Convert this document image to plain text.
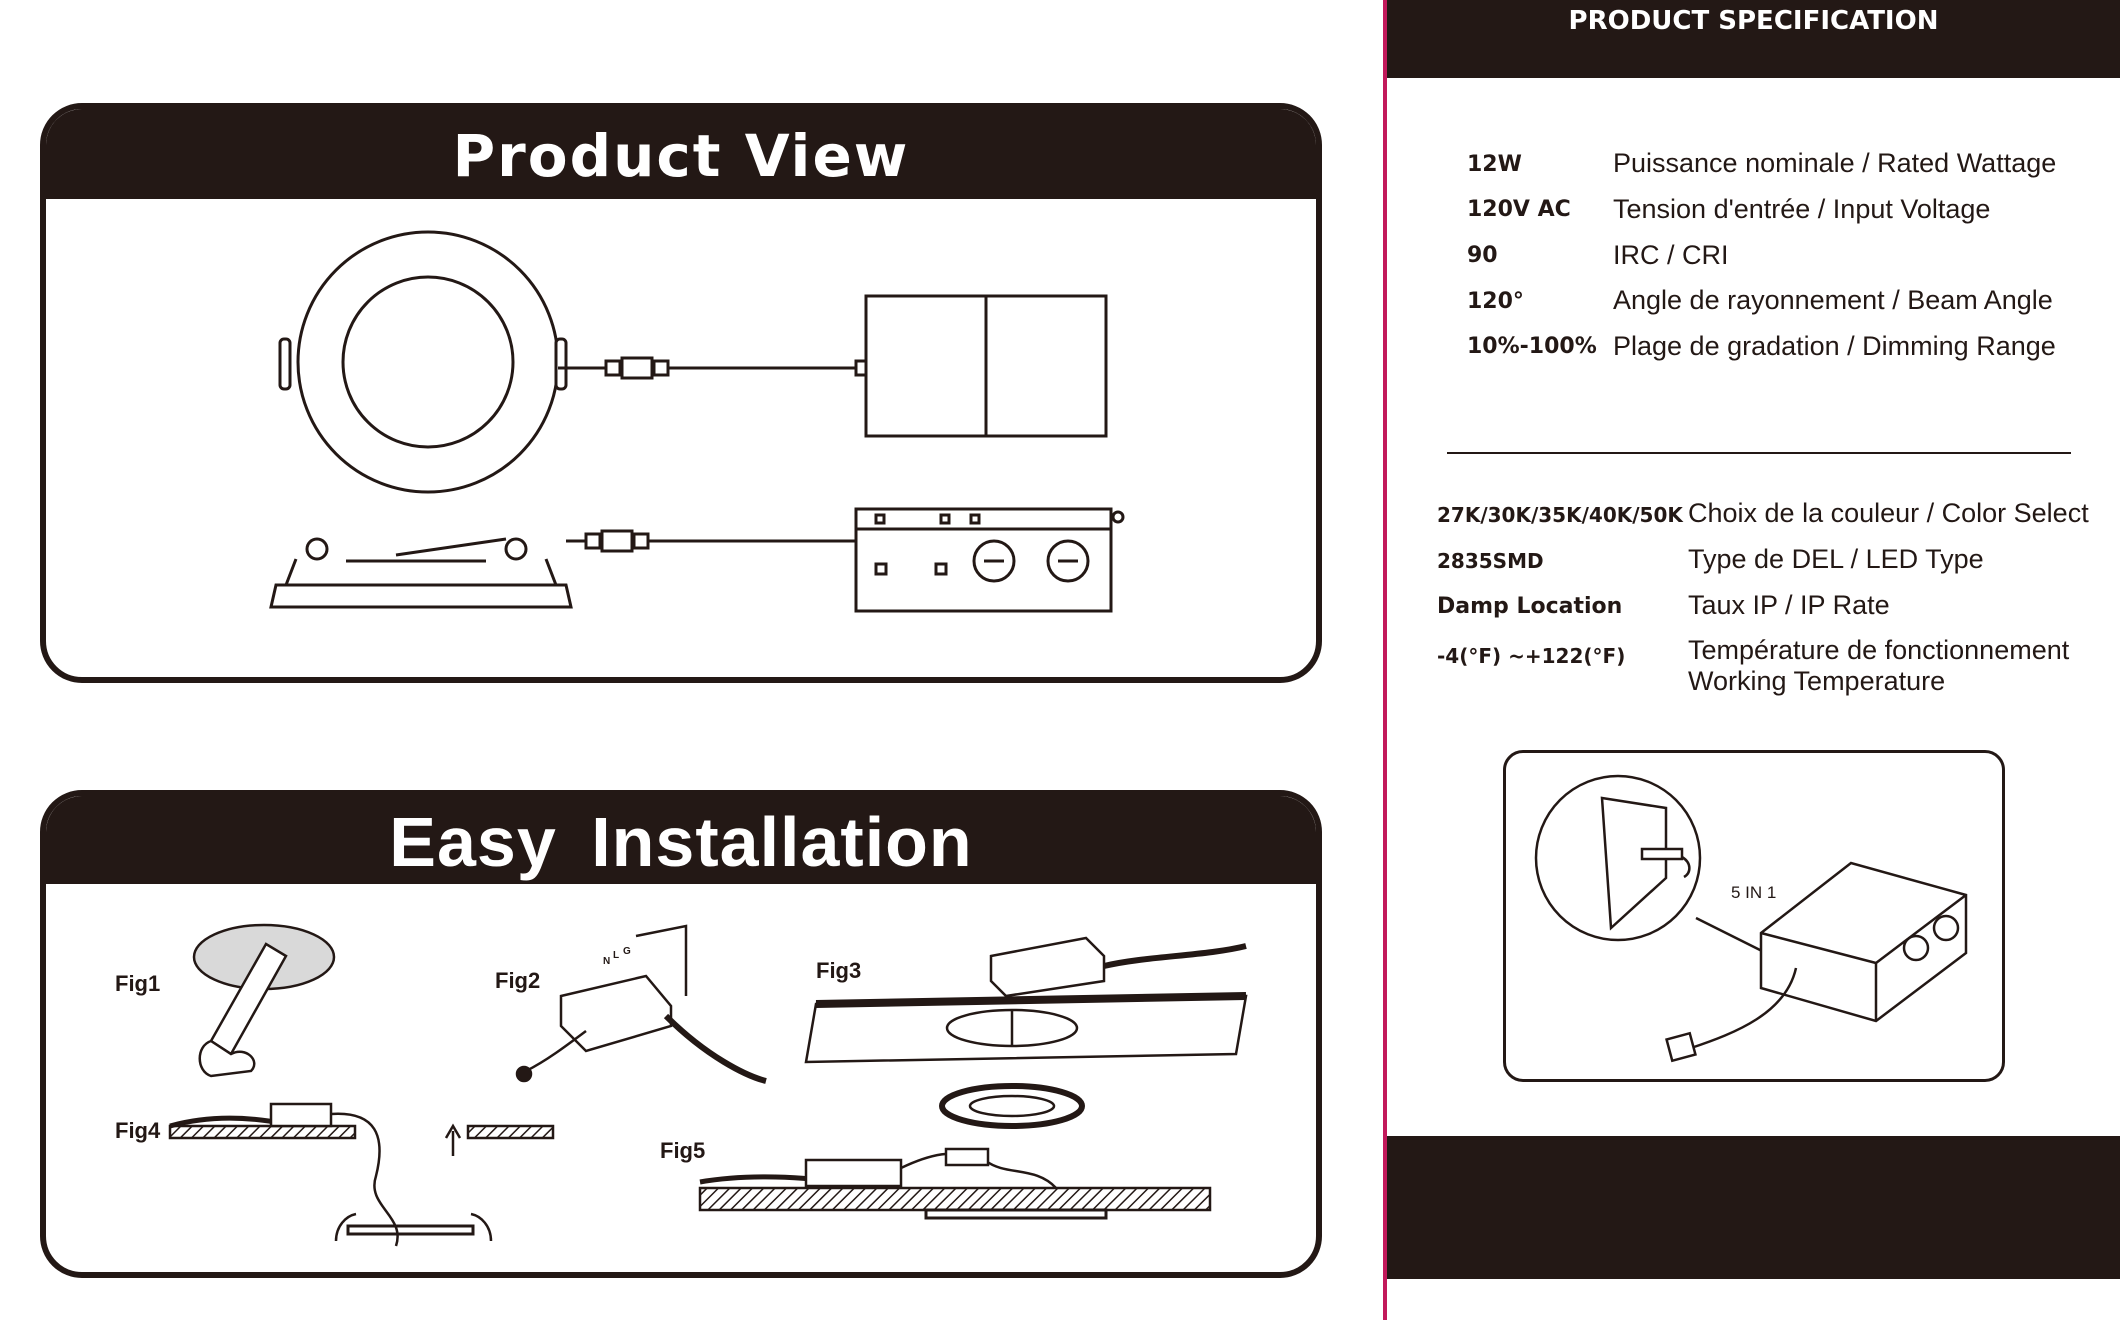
Product View
Easy Installation
Fig1	Fig2	Fig3
Fig4
Fig5
N
L G
PRODUCT SPECIFICATION
12W	Puissance nominale / Rated Wattage
120V AC Tension d'entrée / Input Voltage
90	IRC / CRI
120°	Angle de rayonnement / Beam Angle
10%-100% Plage de gradation / Dimming Range
27K/30K/35K/40K/50K Choix de la couleur / Color Select
2835SMD	Type de DEL / LED Type
Damp Location Taux IP / IP Rate
-4(°F) ~+122(°F) Température de fonctionnement
Working Temperature
5 IN 1
